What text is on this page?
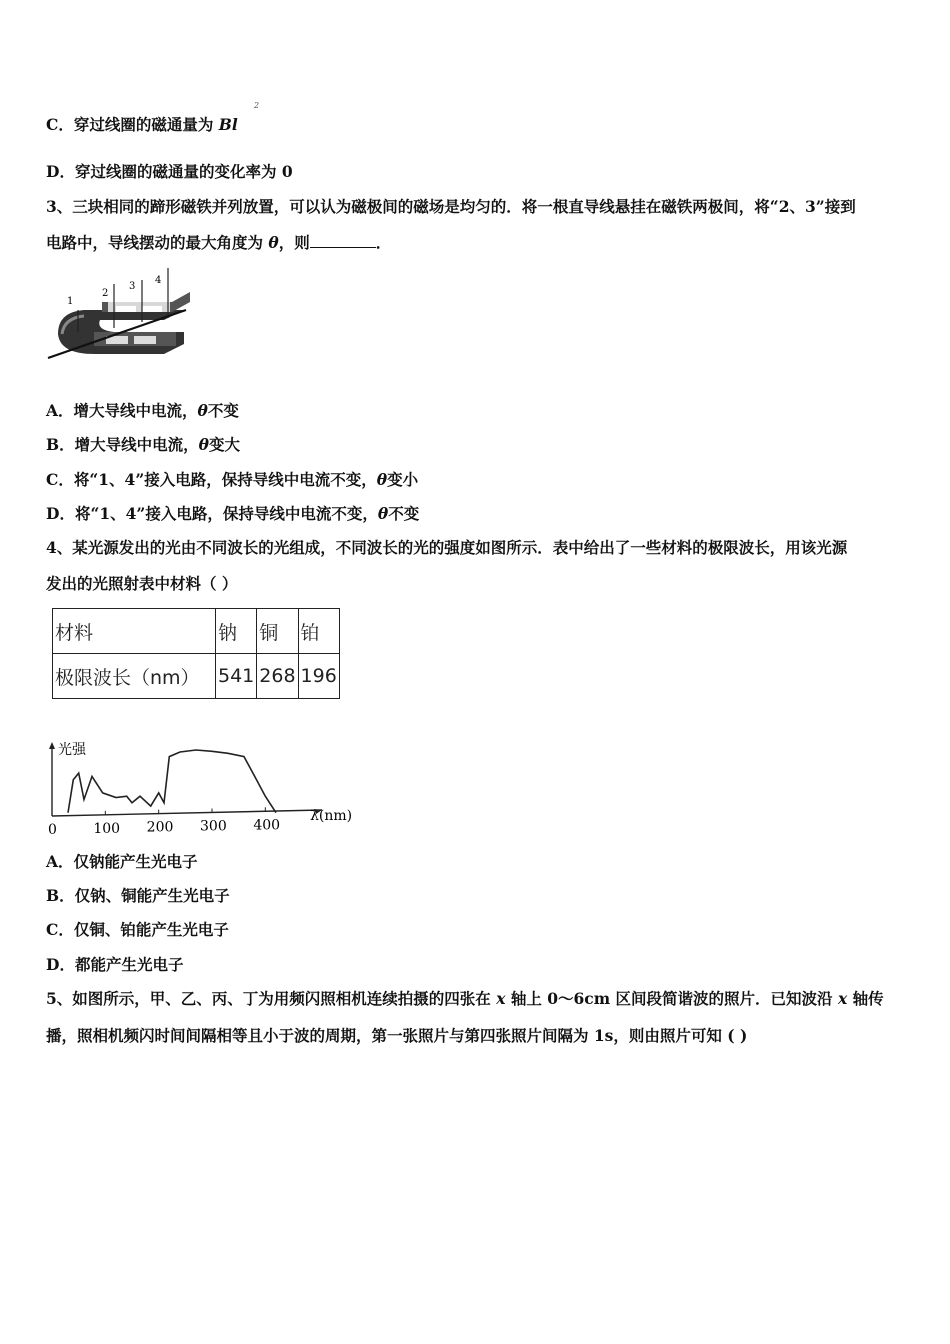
C．穿过线圈的磁通量为 Bl
2
D．穿过线圈的磁通量的变化率为 0
3、三块相同的蹄形磁铁并列放置，可以认为磁极间的磁场是均匀的．将一根直导线悬挂在磁铁两极间，将“2、3”接到
电路中，导线摆动的最大角度为 θ，则	．
1
2
3
4
A．增大导线中电流，θ不变
B．增大导线中电流，θ变大
C．将“1、4”接入电路，保持导线中电流不变，θ变小
D．将“1、4”接入电路，保持导线中电流不变，θ不变
4、某光源发出的光由不同波长的光组成，不同波长的光的强度如图所示．表中给出了一些材料的极限波长，用该光源
发出的光照射表中材料（ ）
材料	钠	铜	铂
极限波长（nm）	541	268	196
0	100 200 300 400
光强
λ(nm)
A．仅钠能产生光电子
B．仅钠、铜能产生光电子
C．仅铜、铂能产生光电子
D．都能产生光电子
5、如图所示，甲、乙、丙、丁为用频闪照相机连续拍摄的四张在 x 轴上 0～6cm 区间段简谐波的照片．已知波沿 x 轴传
播，照相机频闪时间间隔相等且小于波的周期，第一张照片与第四张照片间隔为 1s，则由照片可知 ( )
